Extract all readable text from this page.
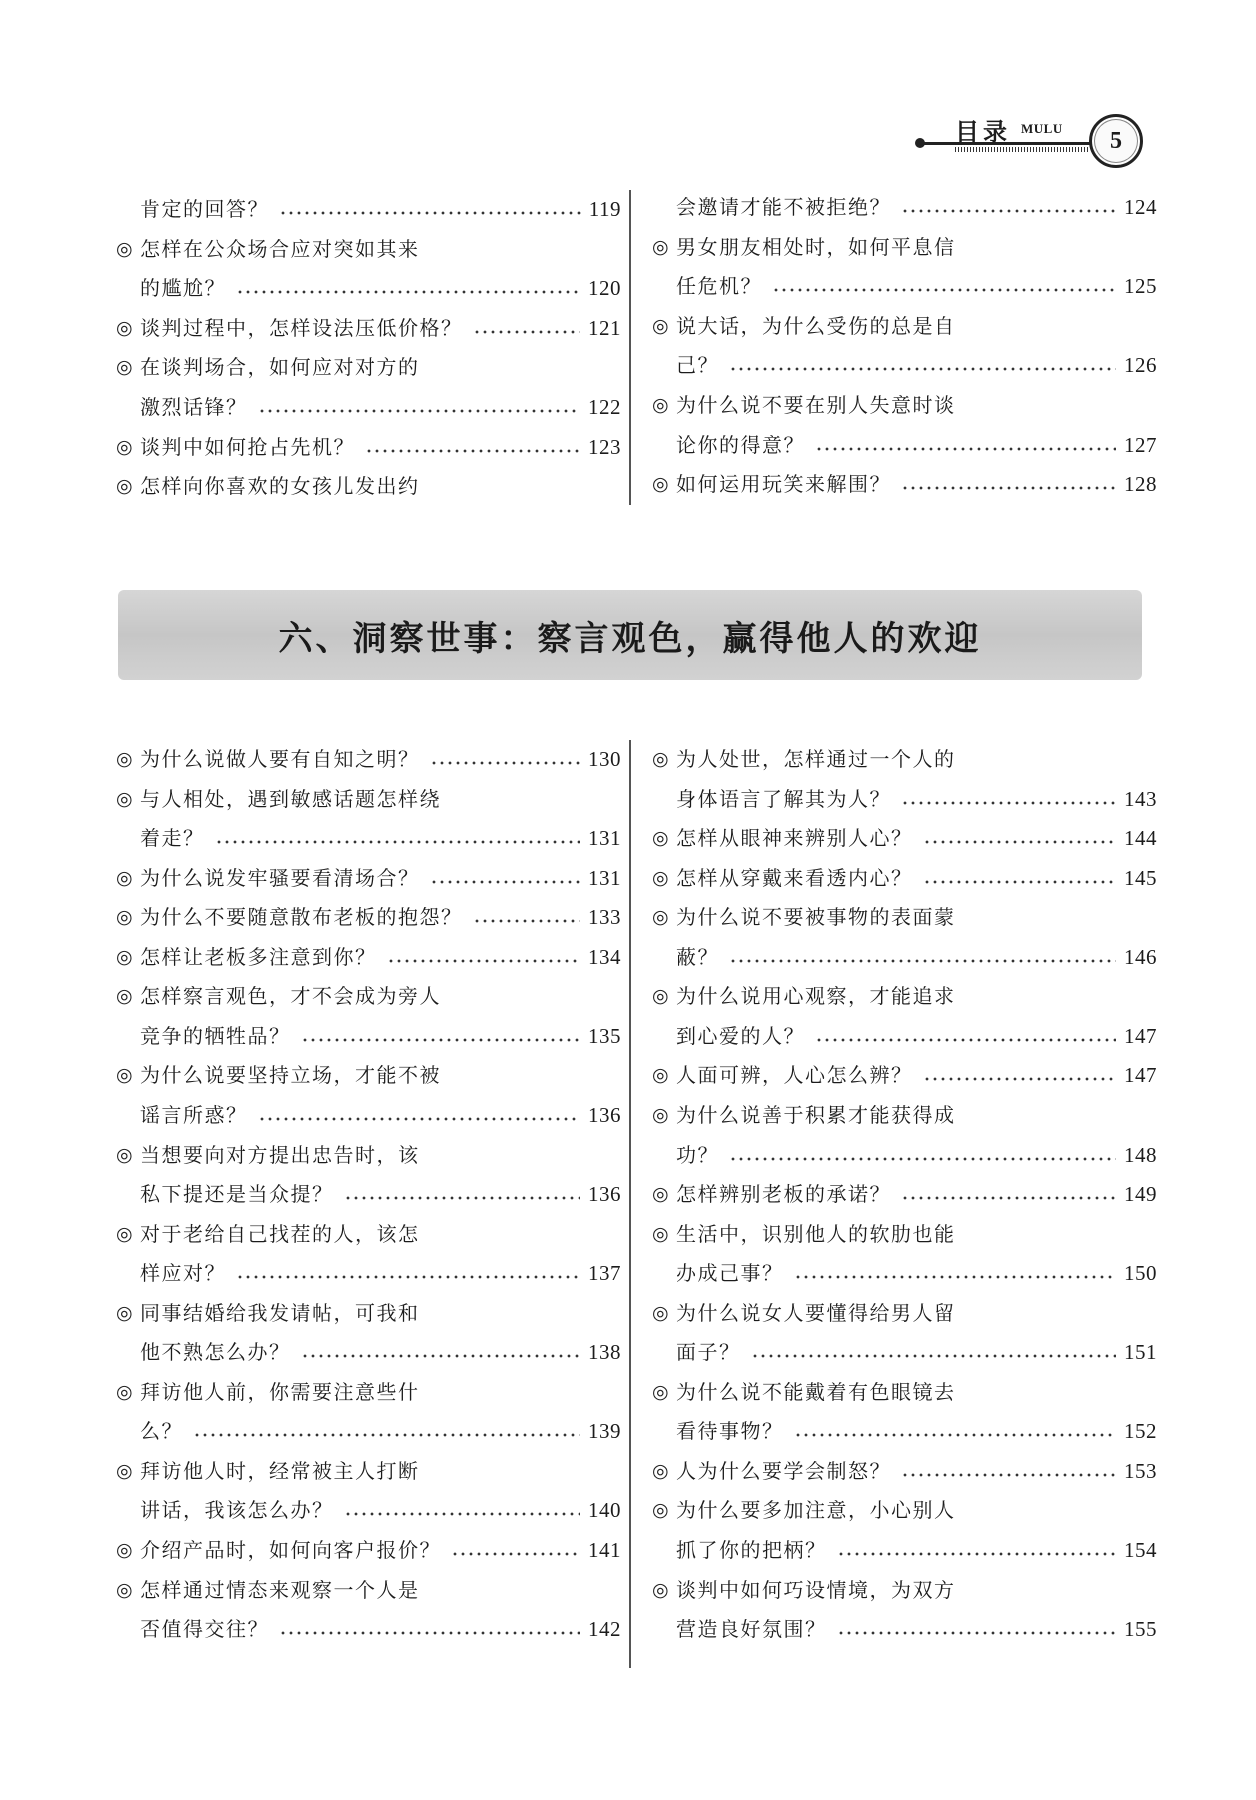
目录 MULU	5
肯定的回答？	119
◎ 怎样在公众场合应对突如其来
的尴尬？	120
◎ 谈判过程中，怎样设法压低价格？	121
◎ 在谈判场合，如何应对对方的
激烈话锋？	122
◎ 谈判中如何抢占先机？	123
◎ 怎样向你喜欢的女孩儿发出约
会邀请才能不被拒绝？	124
◎ 男女朋友相处时，如何平息信
任危机？	125
◎ 说大话，为什么受伤的总是自
己？	126
◎ 为什么说不要在别人失意时谈
论你的得意？	127
◎ 如何运用玩笑来解围？	128
六、洞察世事：察言观色，赢得他人的欢迎
◎ 为什么说做人要有自知之明？	130
◎ 与人相处，遇到敏感话题怎样绕
着走？	131
◎ 为什么说发牢骚要看清场合？	131
◎ 为什么不要随意散布老板的抱怨？	133
◎ 怎样让老板多注意到你？	134
◎ 怎样察言观色，才不会成为旁人
竞争的牺牲品？	135
◎ 为什么说要坚持立场，才能不被
谣言所惑？	136
◎ 当想要向对方提出忠告时，该
私下提还是当众提？	136
◎ 对于老给自己找茬的人，该怎
样应对？	137
◎ 同事结婚给我发请帖，可我和
他不熟怎么办？	138
◎ 拜访他人前，你需要注意些什
么？	139
◎ 拜访他人时，经常被主人打断
讲话，我该怎么办？	140
◎ 介绍产品时，如何向客户报价？	141
◎ 怎样通过情态来观察一个人是
否值得交往？	142
◎ 为人处世，怎样通过一个人的
身体语言了解其为人？	143
◎ 怎样从眼神来辨别人心？	144
◎ 怎样从穿戴来看透内心？	145
◎ 为什么说不要被事物的表面蒙
蔽？	146
◎ 为什么说用心观察，才能追求
到心爱的人？	147
◎ 人面可辨，人心怎么辨？	147
◎ 为什么说善于积累才能获得成
功？	148
◎ 怎样辨别老板的承诺？	149
◎ 生活中，识别他人的软肋也能
办成己事？	150
◎ 为什么说女人要懂得给男人留
面子？	151
◎ 为什么说不能戴着有色眼镜去
看待事物？	152
◎ 人为什么要学会制怒？	153
◎ 为什么要多加注意，小心别人
抓了你的把柄？	154
◎ 谈判中如何巧设情境，为双方
营造良好氛围？	155
